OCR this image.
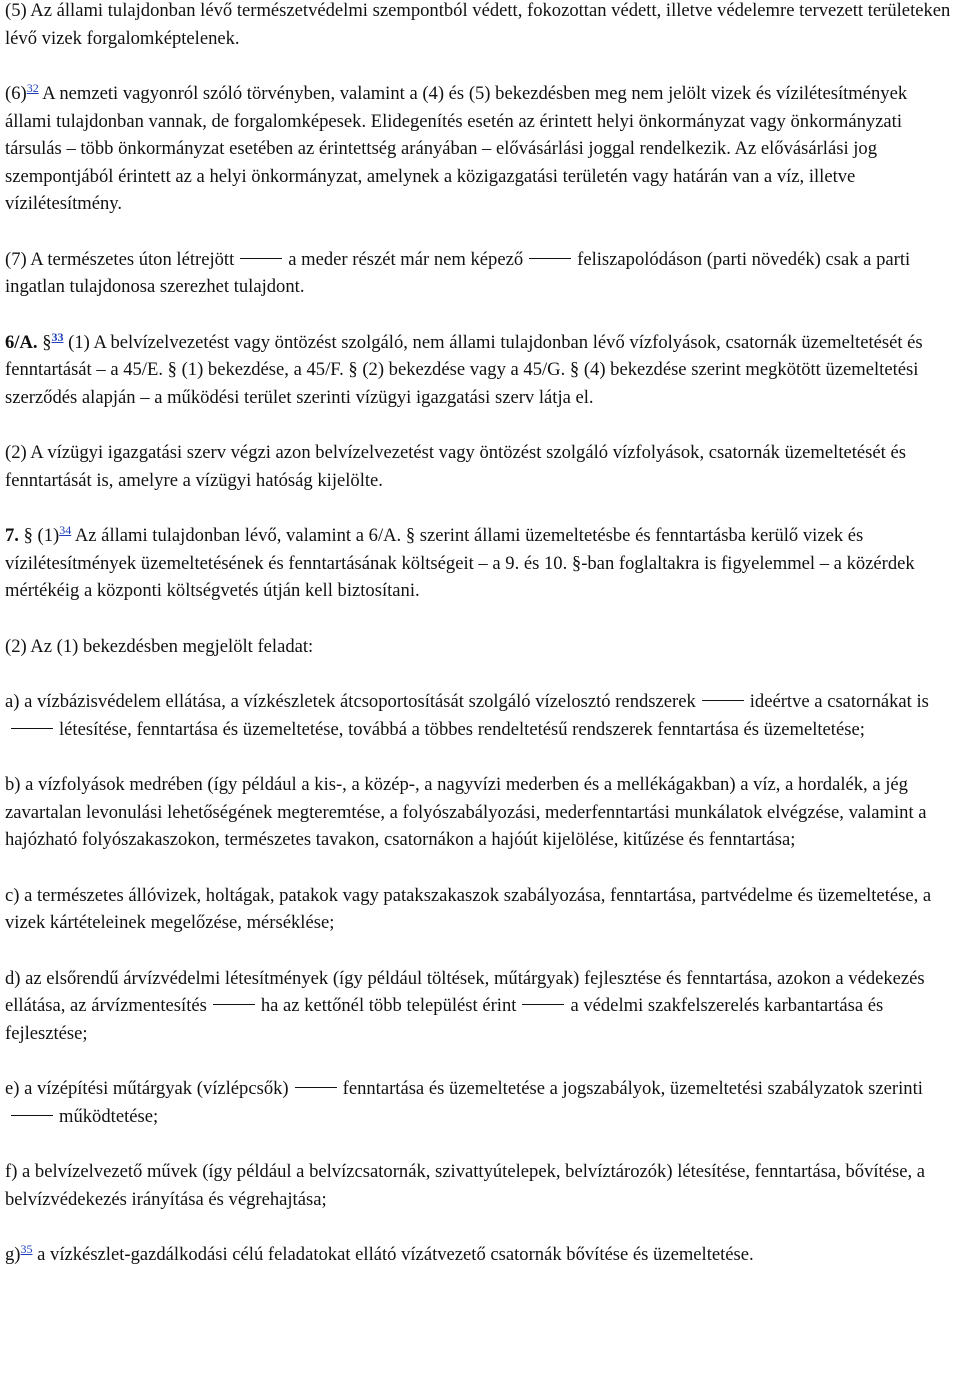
(5) Az állami tulajdonban lévő természetvédelmi szempontból védett, fokozottan védett, illetve védelemre tervezett területeken lévő vizek forgalomképtelenek.

(6)$^{32}$ A nemzeti vagyonról szóló törvényben, valamint a (4) és (5) bekezdésben meg nem jelölt vizek és vízilétesítmények állami tulajdonban vannak, de forgalomképesek. Elidegenítés esetén az érintett helyi önkormányzat vagy önkormányzati társulás – több önkormányzat esetében az érintettség arányában – elővásárlási joggal rendelkezik. Az elővásárlási jog szempontjából érintett az a helyi önkormányzat, amelynek a közigazgatási területén vagy határán van a víz, illetve vízilétesítmény.

(7) A természetes úton létrejött	a meder részét már nem képező	feliszapolódáson (parti növedék) csak a parti ingatlan tulajdonosa szerezhet tulajdont.

6/A. §$^{33}$ (1) A belvízelvezetést vagy öntözést szolgáló, nem állami tulajdonban lévő vízfolyások, csatornák üzemeltetését és fenntartását – a 45/E. § (1) bekezdése, a 45/F. § (2) bekezdése vagy a 45/G. § (4) bekezdése szerint megkötött üzemeltetési szerződés alapján – a működési terület szerinti vízügyi igazgatási szerv látja el.

(2) A vízügyi igazgatási szerv végzi azon belvízelvezetést vagy öntözést szolgáló vízfolyások, csatornák üzemeltetését és fenntartását is, amelyre a vízügyi hatóság kijelölte.

7. § (1)$^{34}$ Az állami tulajdonban lévő, valamint a 6/A. § szerint állami üzemeltetésbe és fenntartásba kerülő vizek és vízilétesítmények üzemeltetésének és fenntartásának költségeit – a 9. és 10. §-ban foglaltakra is figyelemmel – a közérdek mértékéig a központi költségvetés útján kell biztosítani.

(2) Az (1) bekezdésben megjelölt feladat:

a) a vízbázisvédelem ellátása, a vízkészletek átcsoportosítását szolgáló vízelosztó rendszerek	ideértve a csatornákat islétesítése, fenntartása és üzemeltetése, továbbá a többes rendeltetésű rendszerek fenntartása és üzemeltetése;

b) a vízfolyások medrében (így például a kis-, a közép-, a nagyvízi mederben és a mellékágakban) a víz, a hordalék, a jég zavartalan levonulási lehetőségének megteremtése, a folyószabályozási, mederfenntartási munkálatok elvégzése, valamint a hajózható folyószakaszokon, természetes tavakon, csatornákon a hajóút kijelölése, kitűzése és fenntartása;

c) a természetes állóvizek, holtágak, patakok vagy patakszakaszok szabályozása, fenntartása, partvédelme és üzemeltetése, a vizek kártételeinek megelőzése, mérséklése;

d) az elsőrendű árvízvédelmi létesítmények (így például töltések, műtárgyak) fejlesztése és fenntartása, azokon a védekezés ellátása, az árvízmentesítés	ha az kettőnél több települést érint	a védelmi szakfelszerelés karbantartása és fejlesztése;

e) a vízépítési műtárgyak (vízlépcsők)	fenntartása és üzemeltetése a jogszabályok, üzemeltetési szabályzatok szerintiműködtetése;

f) a belvízelvezető művek (így például a belvízcsatornák, szivattyútelepek, belvíztározók) létesítése, fenntartása, bővítése, a belvízvédekezés irányítása és végrehajtása;

g)$^{35}$ a vízkészlet-gazdálkodási célú feladatokat ellátó vízátvezető csatornák bővítése és üzemeltetése.
